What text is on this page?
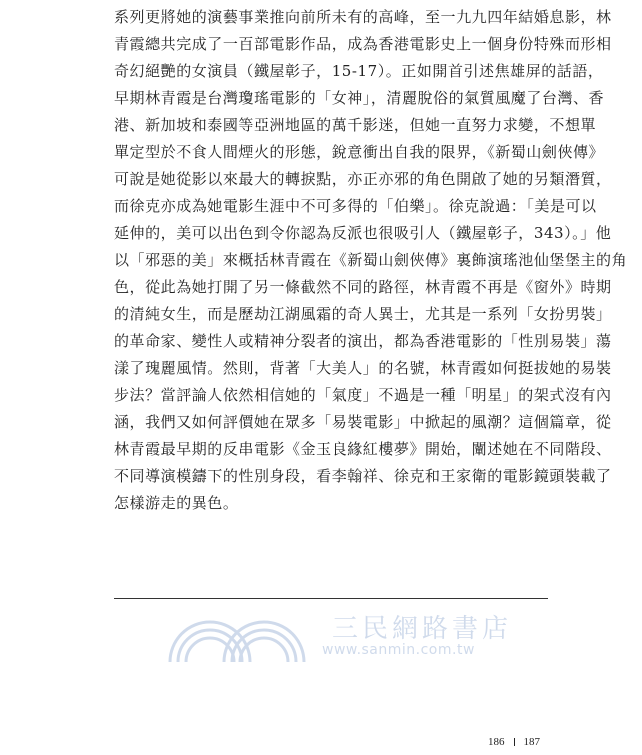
系列更將她的演藝事業推向前所未有的高峰，至一九九四年結婚息影，林
青霞總共完成了一百部電影作品，成為香港電影史上一個身份特殊而形相
奇幻絕艷的女演員（鐵屋彰子，15-17）。正如開首引述焦雄屏的話語，
早期林青霞是台灣瓊瑤電影的「女神」，清麗脫俗的氣質風魔了台灣、香
港、新加坡和泰國等亞洲地區的萬千影迷，但她一直努力求變，不想單
單定型於不食人間煙火的形態，銳意衝出自我的限界，《新蜀山劍俠傳》
可說是她從影以來最大的轉捩點，亦正亦邪的角色開啟了她的另類潛質，
而徐克亦成為她電影生涯中不可多得的「伯樂」。徐克說過：「美是可以
延伸的，美可以出色到令你認為反派也很吸引人（鐵屋彰子，343）。」他
以「邪惡的美」來概括林青霞在《新蜀山劍俠傳》裏飾演瑤池仙堡堡主的角
色，從此為她打開了另一條截然不同的路徑，林青霞不再是《窗外》時期
的清純女生，而是歷劫江湖風霜的奇人異士，尤其是一系列「女扮男裝」
的革命家、變性人或精神分裂者的演出，都為香港電影的「性別易裝」蕩
漾了瑰麗風情。然則，背著「大美人」的名號，林青霞如何挺拔她的易裝
步法？當評論人依然相信她的「氣度」不過是一種「明星」的架式沒有內
涵，我們又如何評價她在眾多「易裝電影」中掀起的風潮？這個篇章，從
林青霞最早期的反串電影《金玉良緣紅樓夢》開始，闡述她在不同階段、
不同導演模鑄下的性別身段，看李翰祥、徐克和王家衛的電影鏡頭裝載了
怎樣游走的異色。
三民網路書店
www.sanmin.com.tw
186 187
